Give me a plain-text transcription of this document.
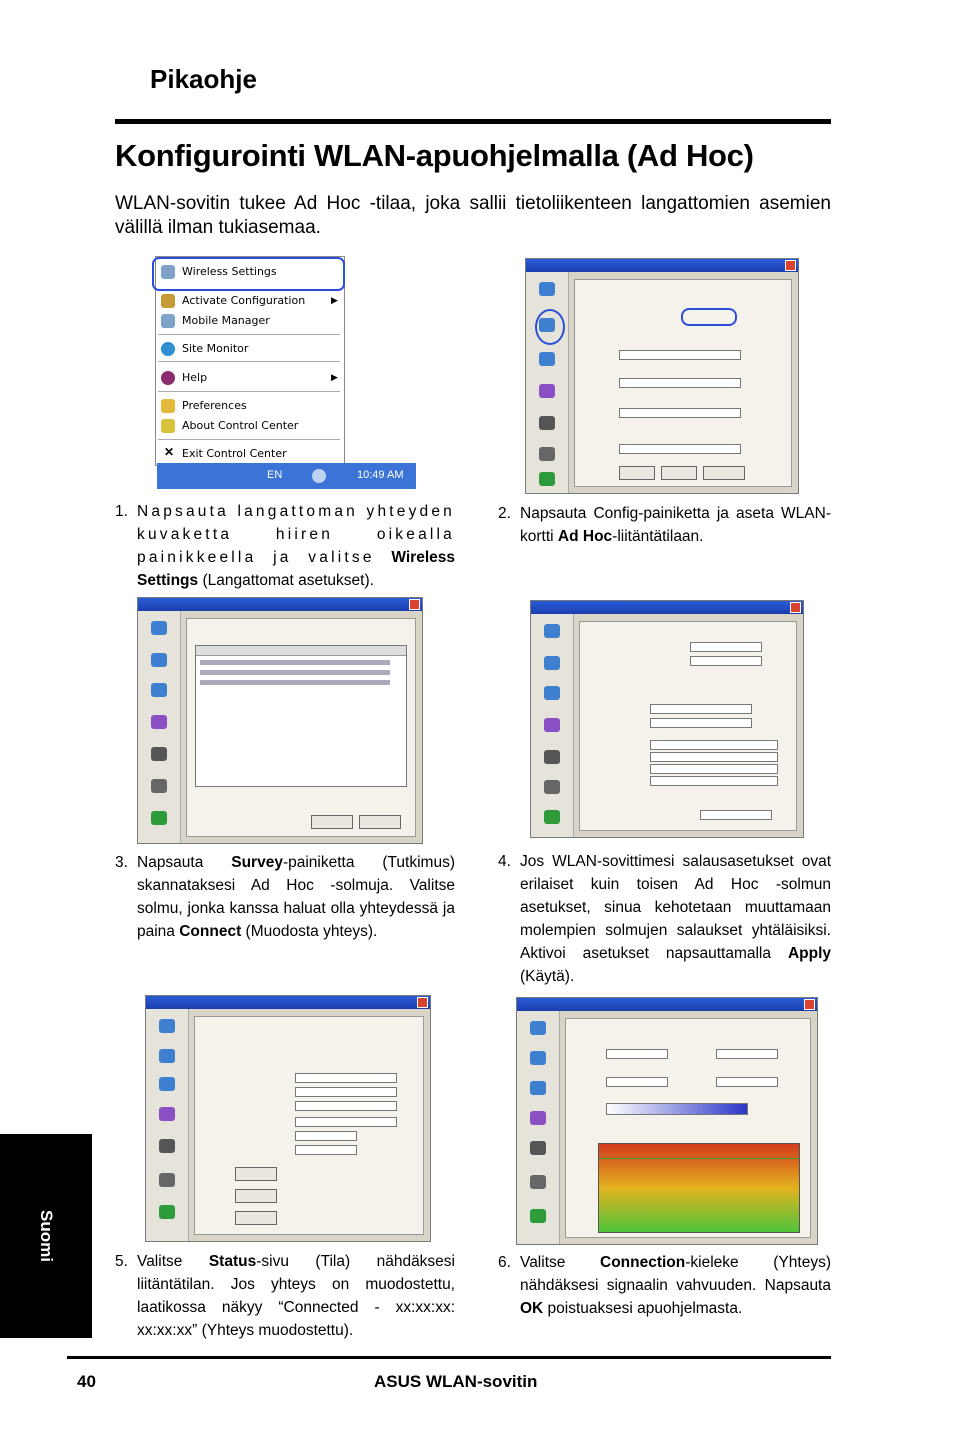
Pikaohje
Konfigurointi WLAN-apuohjelmalla (Ad Hoc)
WLAN-sovitin tukee Ad Hoc -tilaa, joka sallii tietoliikenteen langattomien asemien välillä ilman tukiasemaa.
Wireless Settings
Activate Configuration	▶
Mobile Manager
Site Monitor
Help	▶
Preferences
About Control Center
✕ Exit Control Center
EN	10:49 AM
1. Napsauta langattoman yhteyden kuvaketta hiiren oikealla painikkeella ja valitse Wireless Settings (Langattomat asetukset).
2. Napsauta Config-painiketta ja aseta WLAN-kortti Ad Hoc-liitäntätilaan.
3. Napsauta Survey-painiketta (Tutkimus) skannataksesi Ad Hoc -solmuja. Valitse solmu, jonka kanssa haluat olla yhteydessä ja paina Connect (Muodosta yhteys).
4. Jos WLAN-sovittimesi salausasetukset ovat erilaiset kuin toisen Ad Hoc -solmun asetukset, sinua kehotetaan muuttamaan molempien solmujen salaukset yhtäläisiksi. Aktivoi asetukset napsauttamalla Apply (Käytä).
5. Valitse Status-sivu (Tila) nähdäksesi liitäntätilan. Jos yhteys on muodostettu, laatikossa näkyy “Connected - xx:xx:xx: xx:xx:xx” (Yhteys muodostettu).
6. Valitse Connection-kieleke (Yhteys) nähdäksesi signaalin vahvuuden. Napsauta OK poistuaksesi apuohjelmasta.
Suomi
40	ASUS WLAN-sovitin
